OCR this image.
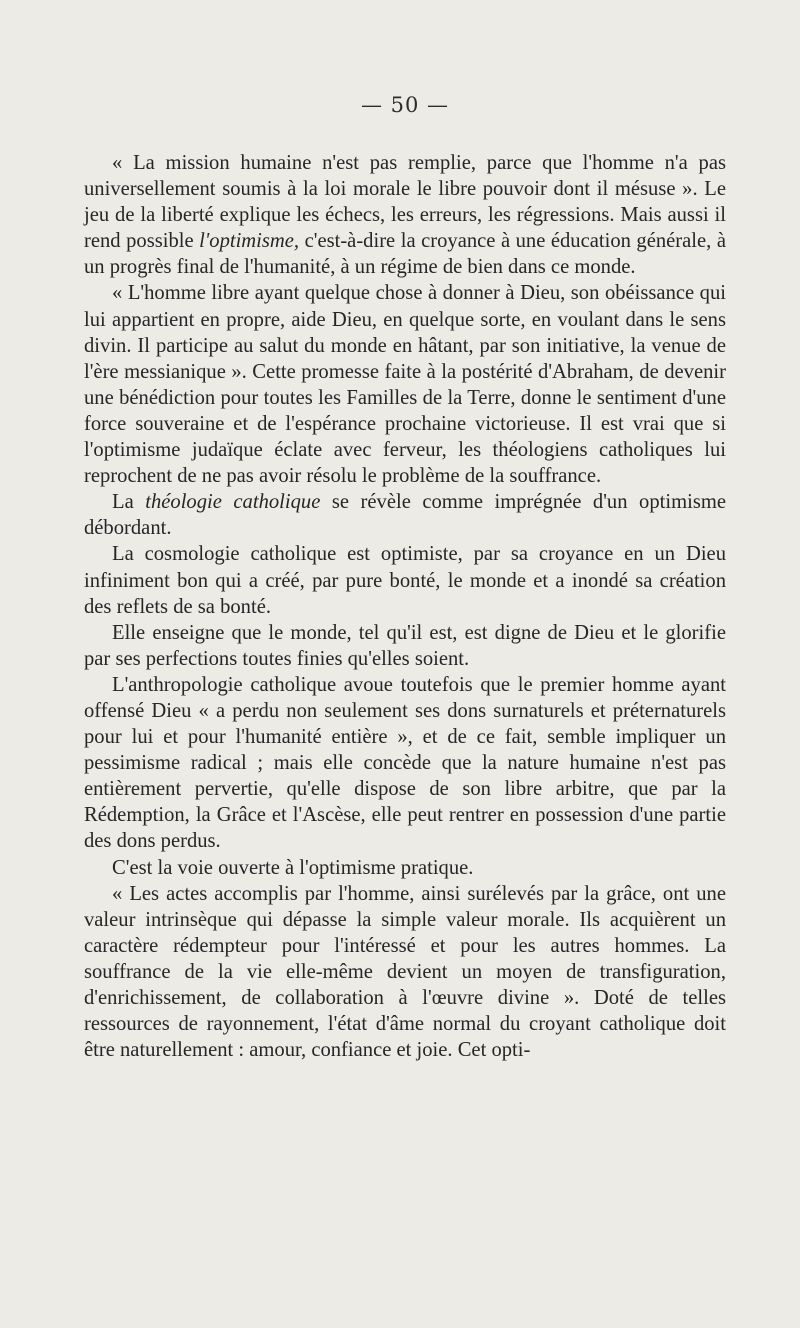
— 50 —

« La mission humaine n'est pas remplie, parce que l'homme n'a pas universellement soumis à la loi morale le libre pouvoir dont il mésuse ». Le jeu de la liberté explique les échecs, les erreurs, les régressions. Mais aussi il rend possible l'optimisme, c'est-à-dire la croyance à une éducation générale, à un progrès final de l'humanité, à un régime de bien dans ce monde.

« L'homme libre ayant quelque chose à donner à Dieu, son obéissance qui lui appartient en propre, aide Dieu, en quelque sorte, en voulant dans le sens divin. Il participe au salut du monde en hâtant, par son initiative, la venue de l'ère messianique ». Cette promesse faite à la postérité d'Abraham, de devenir une bénédiction pour toutes les Familles de la Terre, donne le sentiment d'une force souveraine et de l'espérance prochaine victorieuse. Il est vrai que si l'optimisme judaïque éclate avec ferveur, les théologiens catholiques lui reprochent de ne pas avoir résolu le problème de la souffrance.

La théologie catholique se révèle comme imprégnée d'un optimisme débordant.

La cosmologie catholique est optimiste, par sa croyance en un Dieu infiniment bon qui a créé, par pure bonté, le monde et a inondé sa création des reflets de sa bonté.

Elle enseigne que le monde, tel qu'il est, est digne de Dieu et le glorifie par ses perfections toutes finies qu'elles soient.

L'anthropologie catholique avoue toutefois que le premier homme ayant offensé Dieu « a perdu non seulement ses dons surnaturels et préternaturels pour lui et pour l'humanité entière », et de ce fait, semble impliquer un pessimisme radical ; mais elle concède que la nature humaine n'est pas entièrement pervertie, qu'elle dispose de son libre arbitre, que par la Rédemption, la Grâce et l'Ascèse, elle peut rentrer en possession d'une partie des dons perdus.

C'est la voie ouverte à l'optimisme pratique.

« Les actes accomplis par l'homme, ainsi surélevés par la grâce, ont une valeur intrinsèque qui dépasse la simple valeur morale. Ils acquièrent un caractère rédempteur pour l'intéressé et pour les autres hommes. La souffrance de la vie elle-même devient un moyen de transfiguration, d'enrichissement, de collaboration à l'œuvre divine ». Doté de telles ressources de rayonnement, l'état d'âme normal du croyant catholique doit être naturellement : amour, confiance et joie. Cet opti-
